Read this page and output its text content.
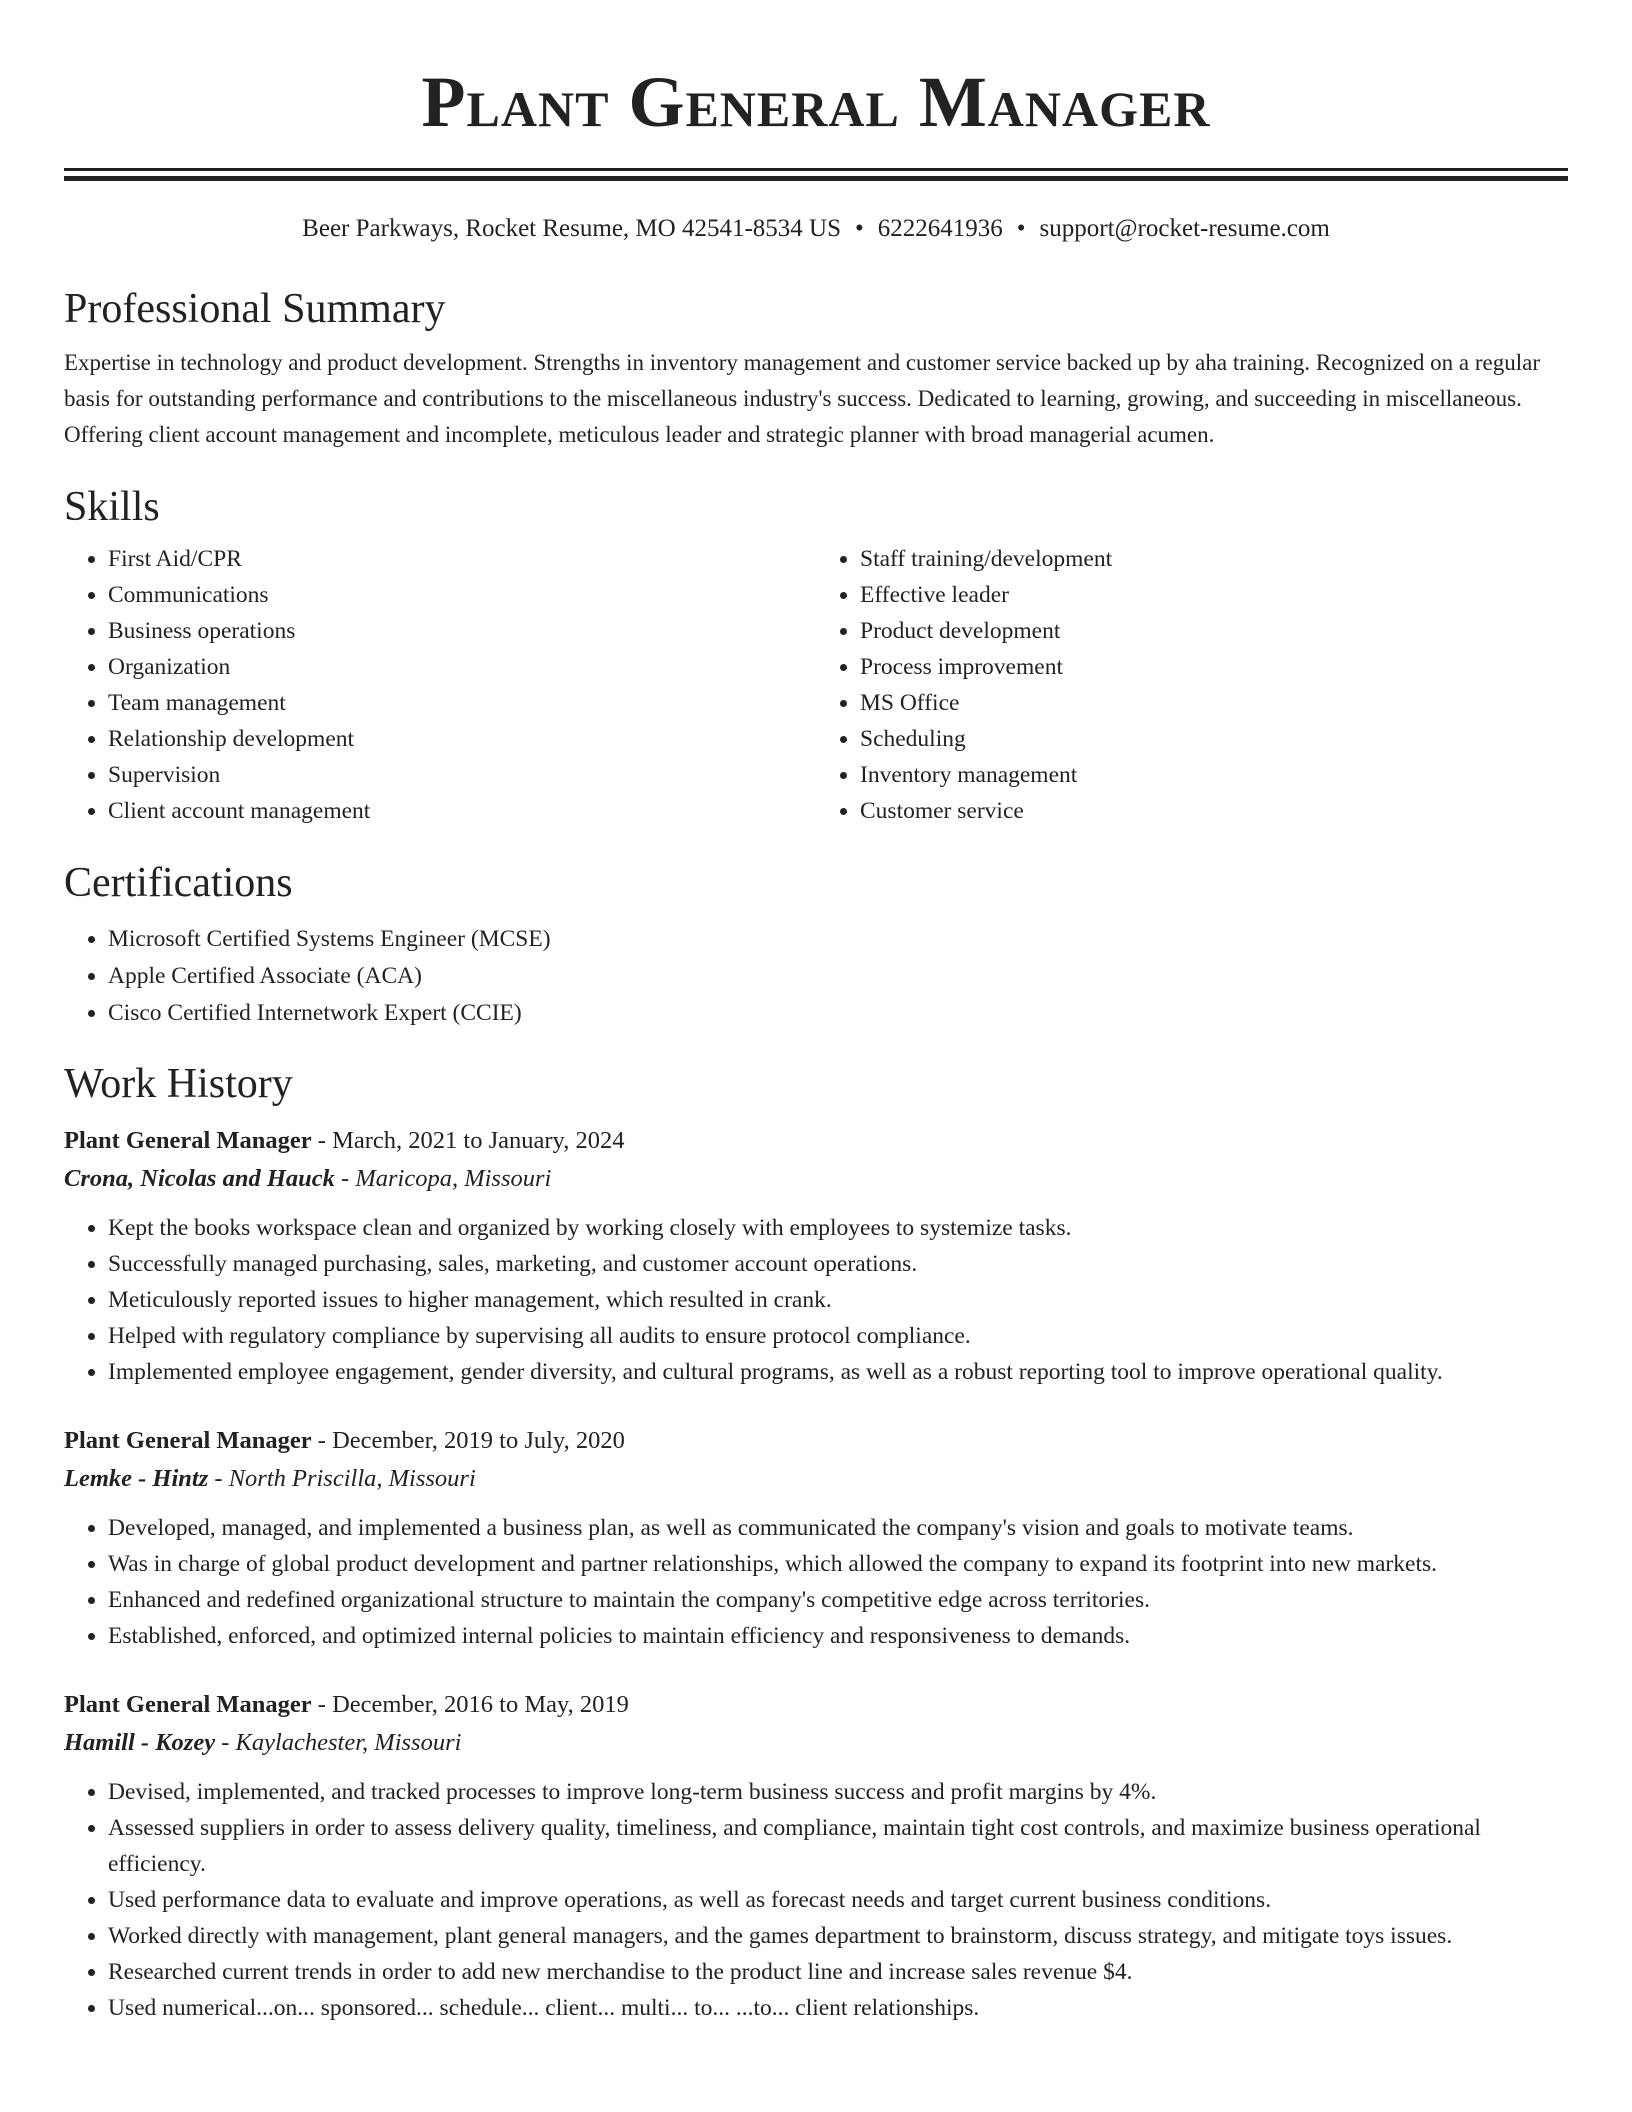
Plant General Manager
Beer Parkways, Rocket Resume, MO 42541-8534 US • 6222641936 • support@rocket-resume.com
Professional Summary
Expertise in technology and product development. Strengths in inventory management and customer service backed up by aha training. Recognized on a regular basis for outstanding performance and contributions to the miscellaneous industry's success. Dedicated to learning, growing, and succeeding in miscellaneous. Offering client account management and incomplete, meticulous leader and strategic planner with broad managerial acumen.
Skills
• First Aid/CPR
• Communications
• Business operations
• Organization
• Team management
• Relationship development
• Supervision
• Client account management
• Staff training/development
• Effective leader
• Product development
• Process improvement
• MS Office
• Scheduling
• Inventory management
• Customer service
Certifications
• Microsoft Certified Systems Engineer (MCSE)
• Apple Certified Associate (ACA)
• Cisco Certified Internetwork Expert (CCIE)
Work History
Plant General Manager - March, 2021 to January, 2024
Crona, Nicolas and Hauck - Maricopa, Missouri
• Kept the books workspace clean and organized by working closely with employees to systemize tasks.
• Successfully managed purchasing, sales, marketing, and customer account operations.
• Meticulously reported issues to higher management, which resulted in crank.
• Helped with regulatory compliance by supervising all audits to ensure protocol compliance.
• Implemented employee engagement, gender diversity, and cultural programs, as well as a robust reporting tool to improve operational quality.
Plant General Manager - December, 2019 to July, 2020
Lemke - Hintz - North Priscilla, Missouri
• Developed, managed, and implemented a business plan, as well as communicated the company's vision and goals to motivate teams.
• Was in charge of global product development and partner relationships, which allowed the company to expand its footprint into new markets.
• Enhanced and redefined organizational structure to maintain the company's competitive edge across territories.
• Established, enforced, and optimized internal policies to maintain efficiency and responsiveness to demands.
Plant General Manager - December, 2016 to May, 2019
Hamill - Kozey - Kaylachester, Missouri
• Devised, implemented, and tracked processes to improve long-term business success and profit margins by 4%.
• Assessed suppliers in order to assess delivery quality, timeliness, and compliance, maintain tight cost controls, and maximize business operational efficiency.
• Used performance data to evaluate and improve operations, as well as forecast needs and target current business conditions.
• Worked directly with management, plant general managers, and the games department to brainstorm, discuss strategy, and mitigate toys issues.
• Researched current trends in order to add new merchandise to the product line and increase sales revenue $4.
• Used numerical...on... sponsored... schedule... client... multi... to... ...to... client relationships.
